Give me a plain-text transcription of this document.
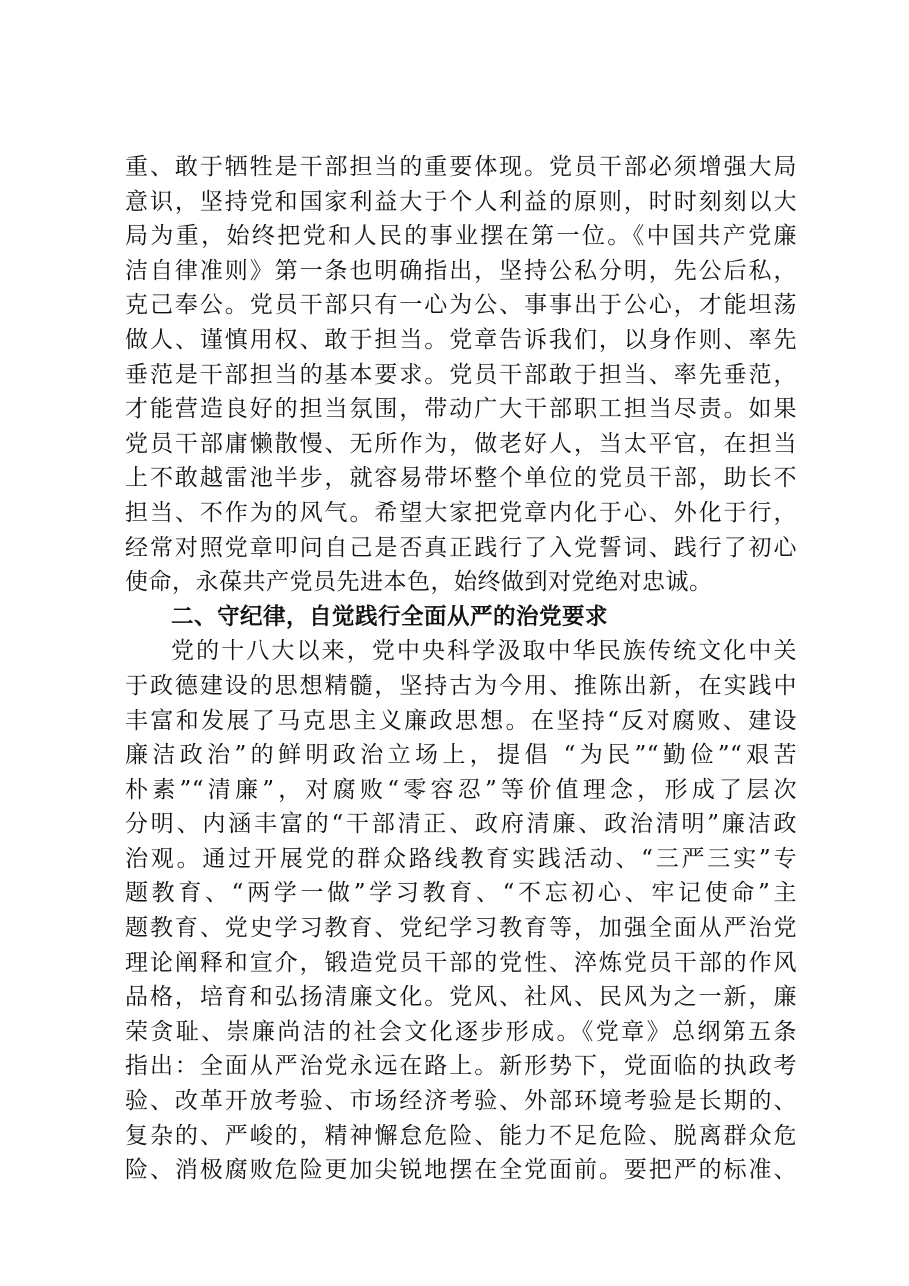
重、敢于牺牲是干部担当的重要体现。党员干部必须增强大局
意识，坚持党和国家利益大于个人利益的原则，时时刻刻以大
局为重，始终把党和人民的事业摆在第一位。《中国共产党廉
洁自律准则》第一条也明确指出，坚持公私分明，先公后私，
克己奉公。党员干部只有一心为公、事事出于公心，才能坦荡
做人、谨慎用权、敢于担当。党章告诉我们，以身作则、率先
垂范是干部担当的基本要求。党员干部敢于担当、率先垂范，
才能营造良好的担当氛围，带动广大干部职工担当尽责。如果
党员干部庸懒散慢、无所作为，做老好人，当太平官，在担当
上不敢越雷池半步，就容易带坏整个单位的党员干部，助长不
担当、不作为的风气。希望大家把党章内化于心、外化于行，
经常对照党章叩问自己是否真正践行了入党誓词、践行了初心
使命，永葆共产党员先进本色，始终做到对党绝对忠诚。
二、守纪律，自觉践行全面从严的治党要求
党的十八大以来，党中央科学汲取中华民族传统文化中关
于政德建设的思想精髓，坚持古为今用、推陈出新，在实践中
丰富和发展了马克思主义廉政思想。在坚持“反对腐败、建设
廉洁政治”的鲜明政治立场上，提倡 “为民”“勤俭”“艰苦
朴素”“清廉”，对腐败“零容忍”等价值理念，形成了层次
分明、内涵丰富的“干部清正、政府清廉、政治清明”廉洁政
治观。通过开展党的群众路线教育实践活动、“三严三实”专
题教育、“两学一做”学习教育、“不忘初心、牢记使命”主
题教育、党史学习教育、党纪学习教育等，加强全面从严治党
理论阐释和宣介，锻造党员干部的党性、淬炼党员干部的作风
品格，培育和弘扬清廉文化。党风、社风、民风为之一新，廉
荣贪耻、崇廉尚洁的社会文化逐步形成。《党章》总纲第五条
指出：全面从严治党永远在路上。新形势下，党面临的执政考
验、改革开放考验、市场经济考验、外部环境考验是长期的、
复杂的、严峻的，精神懈怠危险、能力不足危险、脱离群众危
险、消极腐败危险更加尖锐地摆在全党面前。要把严的标准、
